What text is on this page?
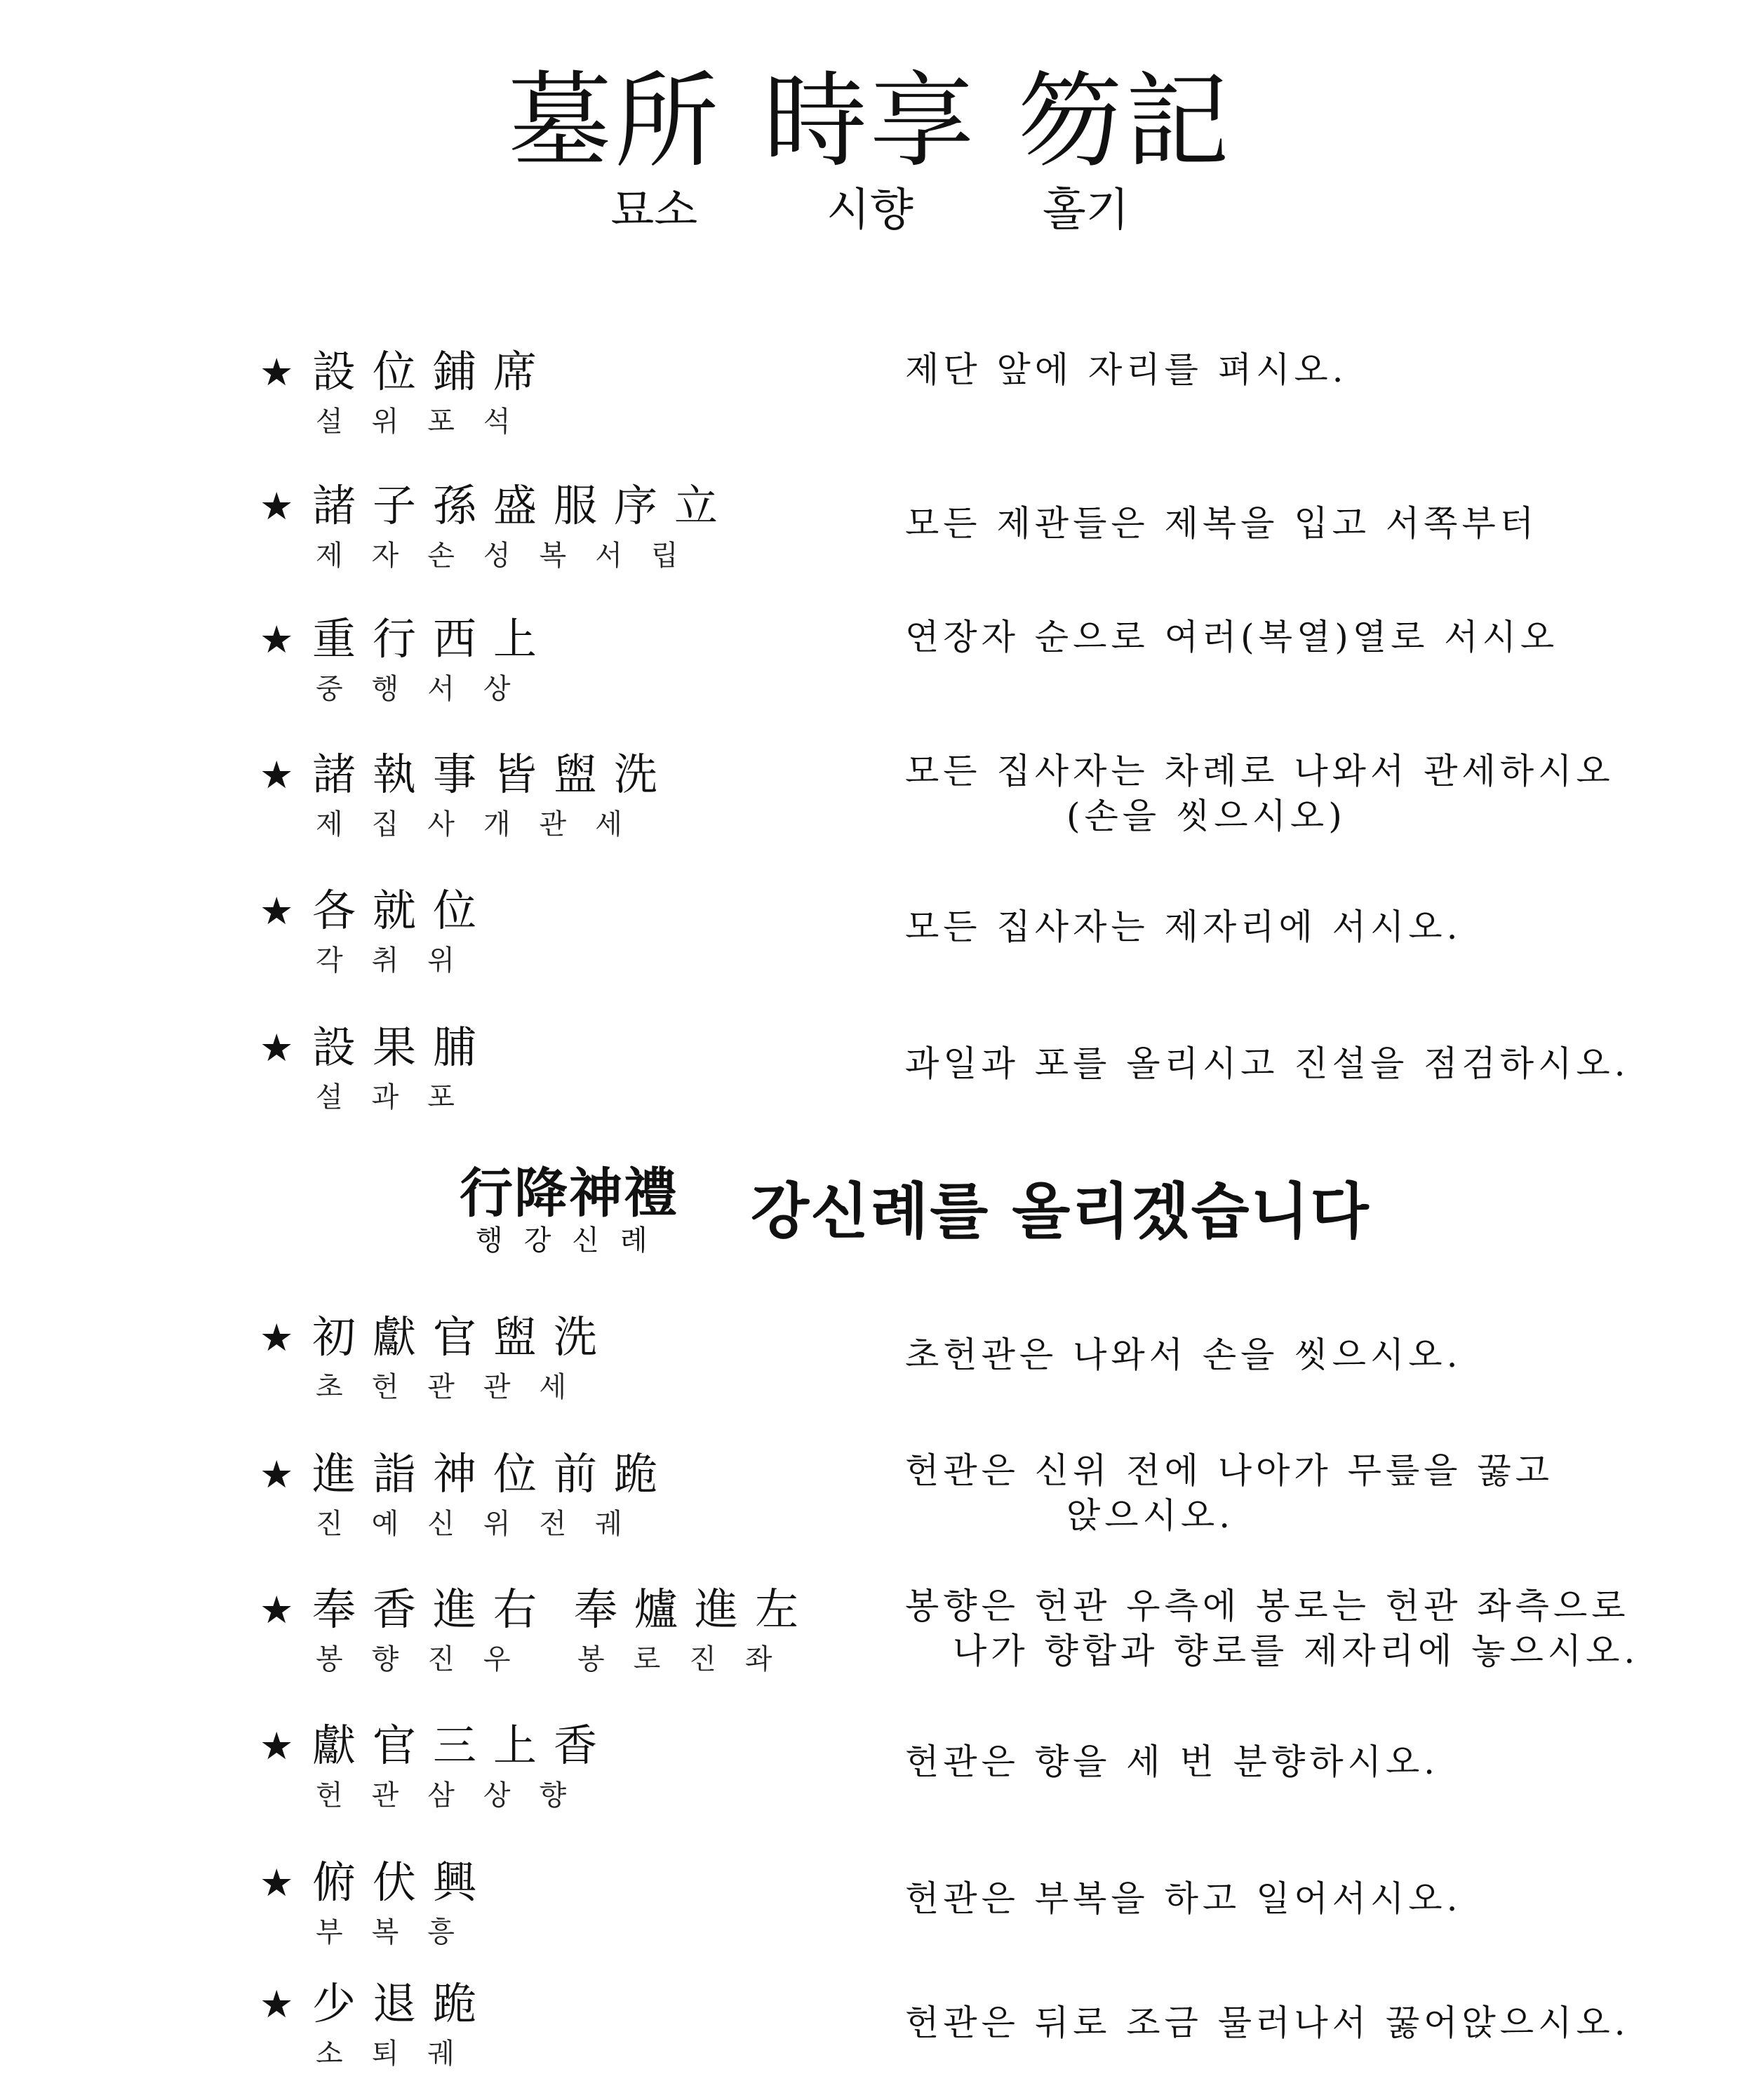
墓所 時享 笏記
묘소	시향	홀기
★ 設位鋪席
설위포석
제단 앞에 자리를 펴시오.
★ 諸子孫盛服序立
제자손성복서립
모든 제관들은 제복을 입고 서쪽부터
★ 重行西上
중행서상
연장자 순으로 여러(복열)열로 서시오
★ 諸執事皆盥洗
제집사개관세
모든 집사자는 차례로 나와서 관세하시오
(손을 씻으시오)
★ 各就位
각취위
모든 집사자는 제자리에 서시오.
★ 設果脯
설과포
과일과 포를 올리시고 진설을 점검하시오.
行降神禮
행강신례 강신례를 올리겠습니다
★ 初獻官盥洗
초헌관관세
초헌관은 나와서 손을 씻으시오.
★ 進詣神位前跪
진예신위전궤
헌관은 신위 전에 나아가 무릎을 꿇고
앉으시오.
★ 奉香進右 奉爐進左
봉향진우 봉로진좌
봉향은 헌관 우측에 봉로는 헌관 좌측으로
나가 향합과 향로를 제자리에 놓으시오.
★ 獻官三上香
헌관삼상향
헌관은 향을 세 번 분향하시오.
★ 俯伏興
부복흥
헌관은 부복을 하고 일어서시오.
★ 少退跪
소퇴궤
헌관은 뒤로 조금 물러나서 꿇어앉으시오.
